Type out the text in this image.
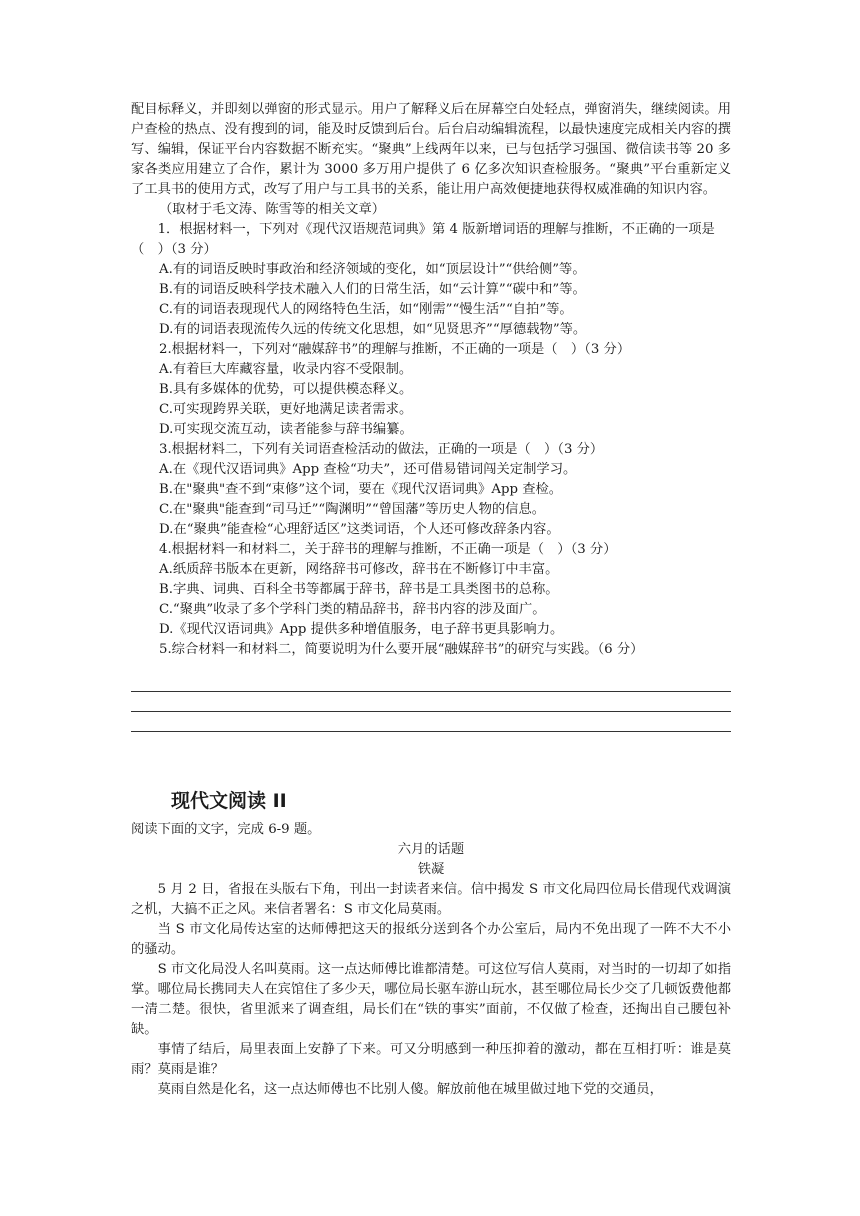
配目标释义，并即刻以弹窗的形式显示。用户了解释义后在屏幕空白处轻点，弹窗消失，继续阅读。用户查检的热点、没有搜到的词，能及时反馈到后台。后台启动编辑流程，以最快速度完成相关内容的撰写、编辑，保证平台内容数据不断充实。“聚典”上线两年以来，已与包括学习强国、微信读书等 20 多家各类应用建立了合作，累计为 3000 多万用户提供了 6 亿多次知识查检服务。“聚典”平台重新定义了工具书的使用方式，改写了用户与工具书的关系，能让用户高效便捷地获得权威准确的知识内容。

（取材于毛文涛、陈雪等的相关文章）

1．根据材料一，下列对《现代汉语规范词典》第 4 版新增词语的理解与推断，不正确的一项是（　）（3 分）

A.有的词语反映时事政治和经济领域的变化，如“顶层设计”“供给侧”等。

B.有的词语反映科学技术融入人们的日常生活，如“云计算”“碳中和”等。

C.有的词语表现现代人的网络特色生活，如“刚需”“慢生活”“自拍”等。

D.有的词语表现流传久远的传统文化思想，如“见贤思齐”“厚德载物”等。

2.根据材料一，下列对“融媒辞书”的理解与推断，不正确的一项是（　）（3 分）

A.有着巨大库藏容量，收录内容不受限制。

B.具有多媒体的优势，可以提供模态释义。

C.可实现跨界关联，更好地满足读者需求。

D.可实现交流互动，读者能参与辞书编纂。

3.根据材料二，下列有关词语查检活动的做法，正确的一项是（　）（3 分）

A.在《现代汉语词典》App 查检“功夫”，还可借易错词闯关定制学习。

B.在"聚典"查不到“束修”这个词，要在《现代汉语词典》App 查检。

C.在"聚典"能查到“司马迁”“陶渊明”“曾国藩”等历史人物的信息。

D.在“聚典”能查检“心理舒适区”这类词语，个人还可修改辞条内容。

4.根据材料一和材料二，关于辞书的理解与推断，不正确一项是（　）（3 分）

A.纸质辞书版本在更新，网络辞书可修改，辞书在不断修订中丰富。

B.字典、词典、百科全书等都属于辞书，辞书是工具类图书的总称。

C.“聚典”收录了多个学科门类的精品辞书，辞书内容的涉及面广。

D.《现代汉语词典》App 提供多种增值服务，电子辞书更具影响力。

5.综合材料一和材料二，简要说明为什么要开展“融媒辞书”的研究与实践。（6 分）

现代文阅读 II

阅读下面的文字，完成 6-9 题。

六月的话题

铁凝

5 月 2 日，省报在头版右下角，刊出一封读者来信。信中揭发 S 市文化局四位局长借现代戏调演之机，大搞不正之风。来信者署名：S 市文化局莫雨。

当 S 市文化局传达室的达师傅把这天的报纸分送到各个办公室后，局内不免出现了一阵不大不小的骚动。

S 市文化局没人名叫莫雨。这一点达师傅比谁都清楚。可这位写信人莫雨，对当时的一切却了如指掌。哪位局长携同夫人在宾馆住了多少天，哪位局长驱车游山玩水，甚至哪位局长少交了几顿饭费他都一清二楚。很快，省里派来了调查组，局长们在“铁的事实”面前，不仅做了检查，还掏出自己腰包补缺。

事情了结后，局里表面上安静了下来。可又分明感到一种压抑着的激动，都在互相打听：谁是莫雨？莫雨是谁？

莫雨自然是化名，这一点达师傅也不比别人傻。解放前他在城里做过地下党的交通员，
